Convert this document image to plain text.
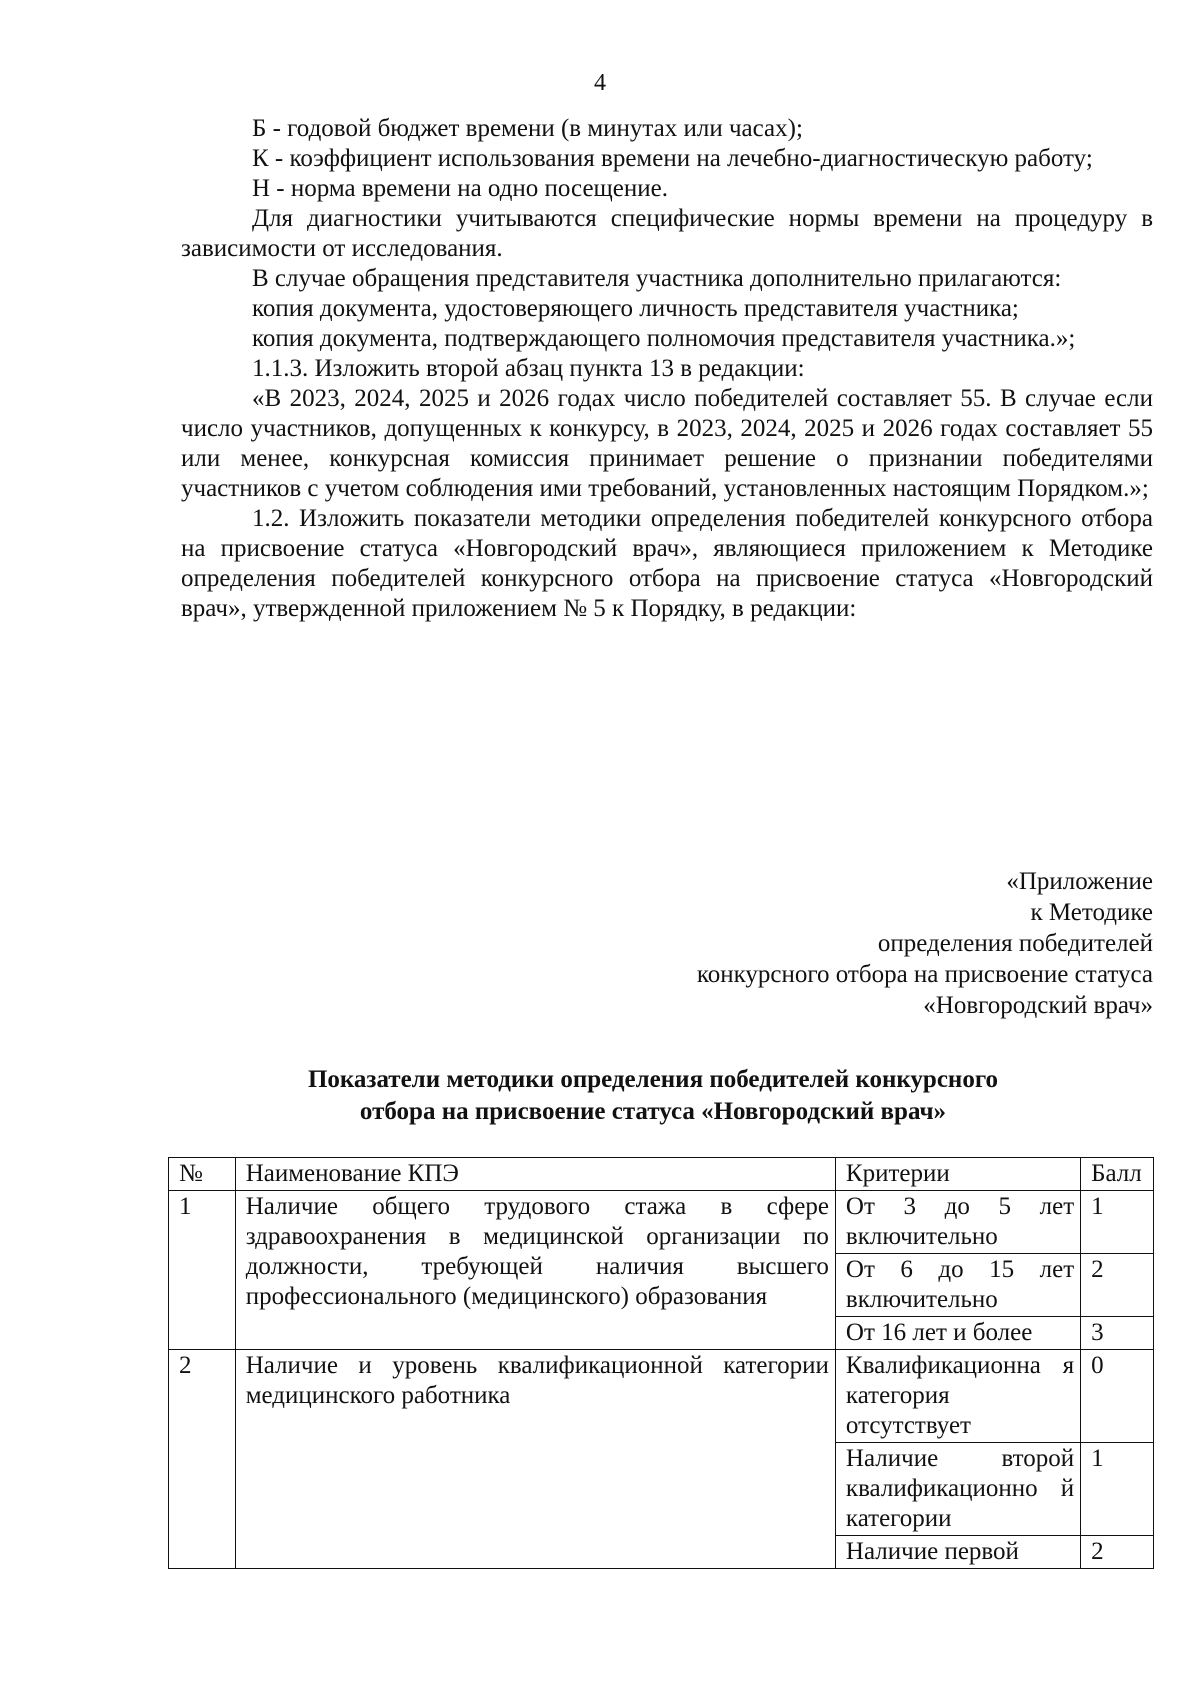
4

Б - годовой бюджет времени (в минутах или часах);

К - коэффициент использования времени на лечебно-диагностическую работу;

Н - норма времени на одно посещение.

Для диагностики учитываются специфические нормы времени на процедуру в зависимости от исследования.

В случае обращения представителя участника дополнительно прилагаются:

копия документа, удостоверяющего личность представителя участника;

копия документа, подтверждающего полномочия представителя участника.»;

1.1.3. Изложить второй абзац пункта 13 в редакции:

«В 2023, 2024, 2025 и 2026 годах число победителей составляет 55. В случае если число участников, допущенных к конкурсу, в 2023, 2024, 2025 и 2026 годах составляет 55 или менее, конкурсная комиссия принимает решение о признании победителями участников с учетом соблюдения ими требований, установленных настоящим Порядком.»;

1.2. Изложить показатели методики определения победителей конкурсного отбора на присвоение статуса «Новгородский врач», являющиеся приложением к Методике определения победителей конкурсного отбора на присвоение статуса «Новгородский врач», утвержденной приложением № 5 к Порядку, в редакции:

«Приложение
к Методике
определения победителей
конкурсного отбора на присвоение статуса
«Новгородский врач»
Показатели методики определения победителей конкурсного
отбора на присвоение статуса «Новгородский врач»
№	Наименование КПЭ	Критерии	Балл
1	Наличие общего трудового стажа в сфере здравоохранения в медицинской организации по должности, требующей наличия высшего профессионального (медицинского) образования	От 3 до 5 лет включительно	1
		От 6 до 15 лет включительно	2
		От 16 лет и более	3
2	Наличие и уровень квалификационной категории медицинского работника	Квалификационна я категория отсутствует	0
		Наличие второй квалификационно й категории	1
		Наличие первой	2
